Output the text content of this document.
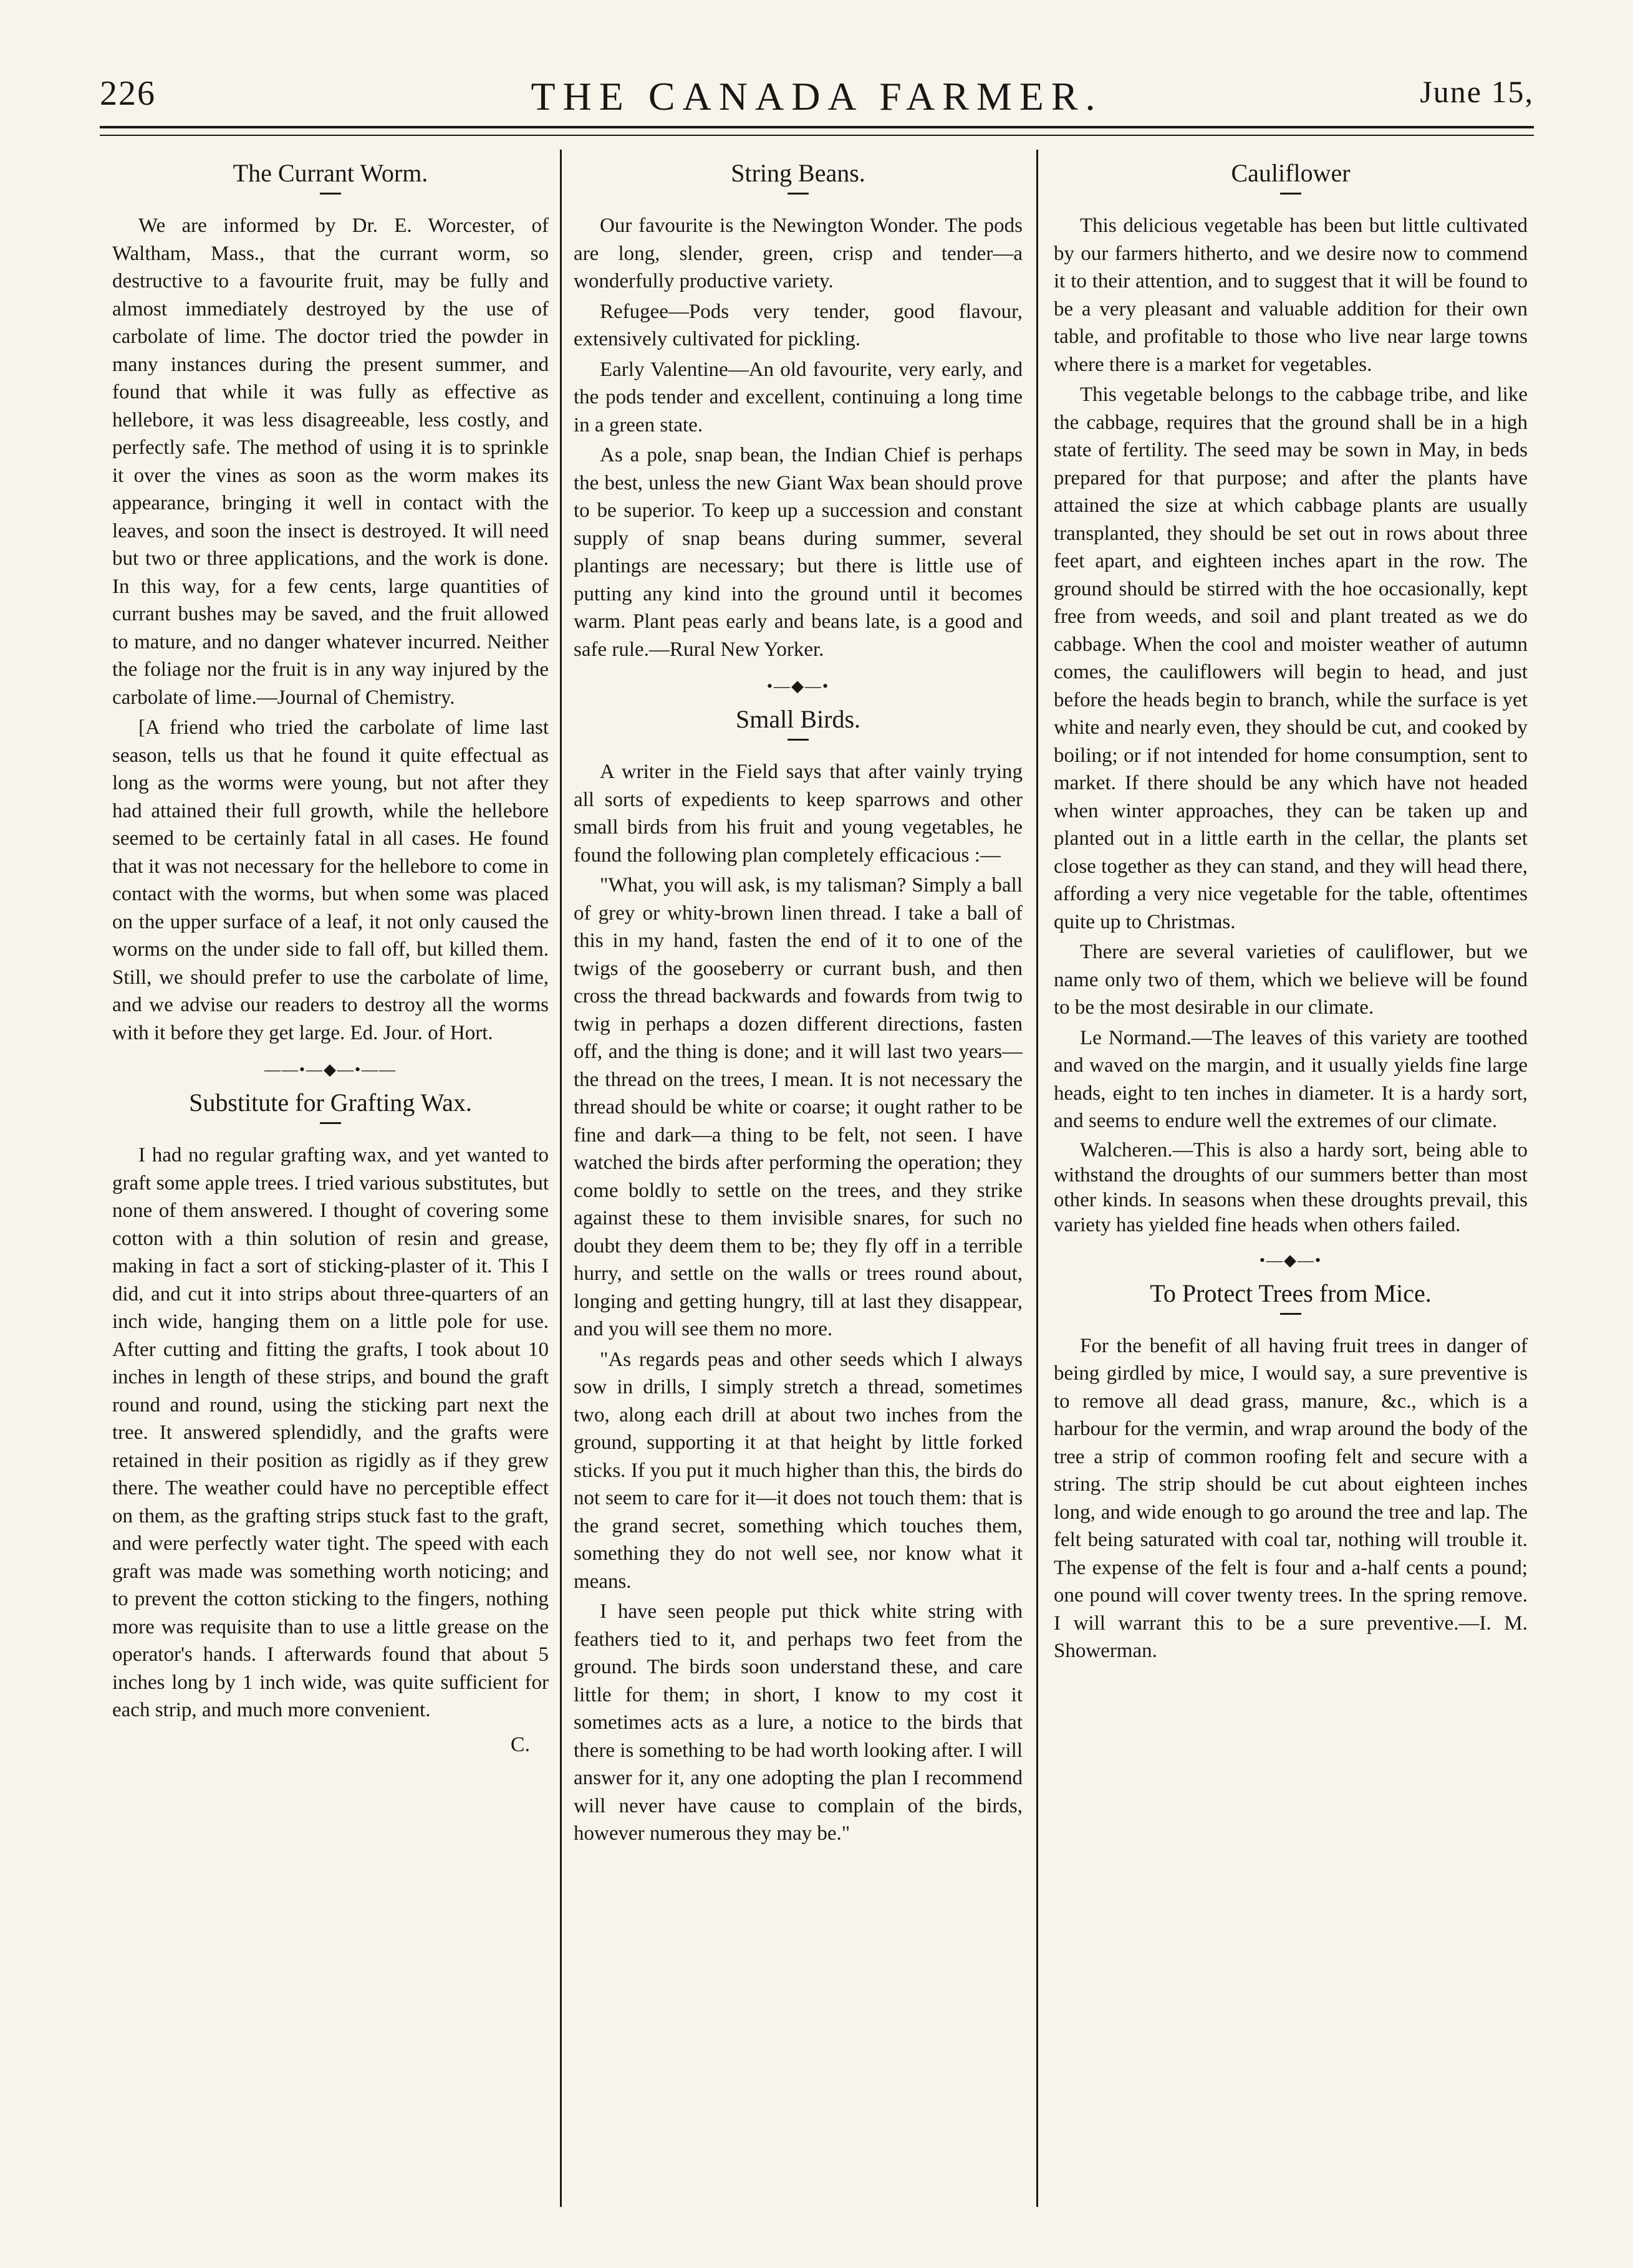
226	THE CANADA FARMER.	June 15,
The Currant Worm.

We are informed by Dr. E. Worcester, of Waltham, Mass., that the currant worm, so destructive to a favourite fruit, may be fully and almost immediately destroyed by the use of carbolate of lime. The doctor tried the powder in many instances during the present summer, and found that while it was fully as effective as hellebore, it was less disagreeable, less costly, and perfectly safe. The method of using it is to sprinkle it over the vines as soon as the worm makes its appearance, bringing it well in contact with the leaves, and soon the insect is destroyed. It will need but two or three applications, and the work is done. In this way, for a few cents, large quantities of currant bushes may be saved, and the fruit allowed to mature, and no danger whatever incurred. Neither the foliage nor the fruit is in any way injured by the carbolate of lime.—Journal of Chemistry.

[A friend who tried the carbolate of lime last season, tells us that he found it quite effectual as long as the worms were young, but not after they had attained their full growth, while the hellebore seemed to be certainly fatal in all cases. He found that it was not necessary for the hellebore to come in contact with the worms, but when some was placed on the upper surface of a leaf, it not only caused the worms on the under side to fall off, but killed them. Still, we should prefer to use the carbolate of lime, and we advise our readers to destroy all the worms with it before they get large. Ed. Jour. of Hort.

——•—◆—•——
Substitute for Grafting Wax.

I had no regular grafting wax, and yet wanted to graft some apple trees. I tried various substitutes, but none of them answered. I thought of covering some cotton with a thin solution of resin and grease, making in fact a sort of sticking-plaster of it. This I did, and cut it into strips about three-quarters of an inch wide, hanging them on a little pole for use. After cutting and fitting the grafts, I took about 10 inches in length of these strips, and bound the graft round and round, using the sticking part next the tree. It answered splendidly, and the grafts were retained in their position as rigidly as if they grew there. The weather could have no perceptible effect on them, as the grafting strips stuck fast to the graft, and were perfectly water tight. The speed with each graft was made was something worth noticing; and to prevent the cotton sticking to the fingers, nothing more was requisite than to use a little grease on the operator's hands. I afterwards found that about 5 inches long by 1 inch wide, was quite sufficient for each strip, and much more convenient.

C.
String Beans.

Our favourite is the Newington Wonder. The pods are long, slender, green, crisp and tender—a wonderfully productive variety.

Refugee—Pods very tender, good flavour, extensively cultivated for pickling.

Early Valentine—An old favourite, very early, and the pods tender and excellent, continuing a long time in a green state.

As a pole, snap bean, the Indian Chief is perhaps the best, unless the new Giant Wax bean should prove to be superior. To keep up a succession and constant supply of snap beans during summer, several plantings are necessary; but there is little use of putting any kind into the ground until it becomes warm. Plant peas early and beans late, is a good and safe rule.—Rural New Yorker.

•—◆—•
Small Birds.

A writer in the Field says that after vainly trying all sorts of expedients to keep sparrows and other small birds from his fruit and young vegetables, he found the following plan completely efficacious :—

"What, you will ask, is my talisman? Simply a ball of grey or whity-brown linen thread. I take a ball of this in my hand, fasten the end of it to one of the twigs of the gooseberry or currant bush, and then cross the thread backwards and fowards from twig to twig in perhaps a dozen different directions, fasten off, and the thing is done; and it will last two years—the thread on the trees, I mean. It is not necessary the thread should be white or coarse; it ought rather to be fine and dark—a thing to be felt, not seen. I have watched the birds after performing the operation; they come boldly to settle on the trees, and they strike against these to them invisible snares, for such no doubt they deem them to be; they fly off in a terrible hurry, and settle on the walls or trees round about, longing and getting hungry, till at last they disappear, and you will see them no more.

"As regards peas and other seeds which I always sow in drills, I simply stretch a thread, sometimes two, along each drill at about two inches from the ground, supporting it at that height by little forked sticks. If you put it much higher than this, the birds do not seem to care for it—it does not touch them: that is the grand secret, something which touches them, something they do not well see, nor know what it means.

I have seen people put thick white string with feathers tied to it, and perhaps two feet from the ground. The birds soon understand these, and care little for them; in short, I know to my cost it sometimes acts as a lure, a notice to the birds that there is something to be had worth looking after. I will answer for it, any one adopting the plan I recommend will never have cause to complain of the birds, however numerous they may be."

Cauliflower

This delicious vegetable has been but little cultivated by our farmers hitherto, and we desire now to commend it to their attention, and to suggest that it will be found to be a very pleasant and valuable addition for their own table, and profitable to those who live near large towns where there is a market for vegetables.

This vegetable belongs to the cabbage tribe, and like the cabbage, requires that the ground shall be in a high state of fertility. The seed may be sown in May, in beds prepared for that purpose; and after the plants have attained the size at which cabbage plants are usually transplanted, they should be set out in rows about three feet apart, and eighteen inches apart in the row. The ground should be stirred with the hoe occasionally, kept free from weeds, and soil and plant treated as we do cabbage. When the cool and moister weather of autumn comes, the cauliflowers will begin to head, and just before the heads begin to branch, while the surface is yet white and nearly even, they should be cut, and cooked by boiling; or if not intended for home consumption, sent to market. If there should be any which have not headed when winter approaches, they can be taken up and planted out in a little earth in the cellar, the plants set close together as they can stand, and they will head there, affording a very nice vegetable for the table, oftentimes quite up to Christmas.

There are several varieties of cauliflower, but we name only two of them, which we believe will be found to be the most desirable in our climate.

Le Normand.—The leaves of this variety are toothed and waved on the margin, and it usually yields fine large heads, eight to ten inches in diameter. It is a hardy sort, and seems to endure well the extremes of our climate.

Walcheren.—This is also a hardy sort, being able to withstand the droughts of our summers better than most other kinds. In seasons when these droughts prevail, this variety has yielded fine heads when others failed.

•—◆—•
To Protect Trees from Mice.

For the benefit of all having fruit trees in danger of being girdled by mice, I would say, a sure preventive is to remove all dead grass, manure, &c., which is a harbour for the vermin, and wrap around the body of the tree a strip of common roofing felt and secure with a string. The strip should be cut about eighteen inches long, and wide enough to go around the tree and lap. The felt being saturated with coal tar, nothing will trouble it. The expense of the felt is four and a-half cents a pound; one pound will cover twenty trees. In the spring remove. I will warrant this to be a sure preventive.—I. M. Showerman.
